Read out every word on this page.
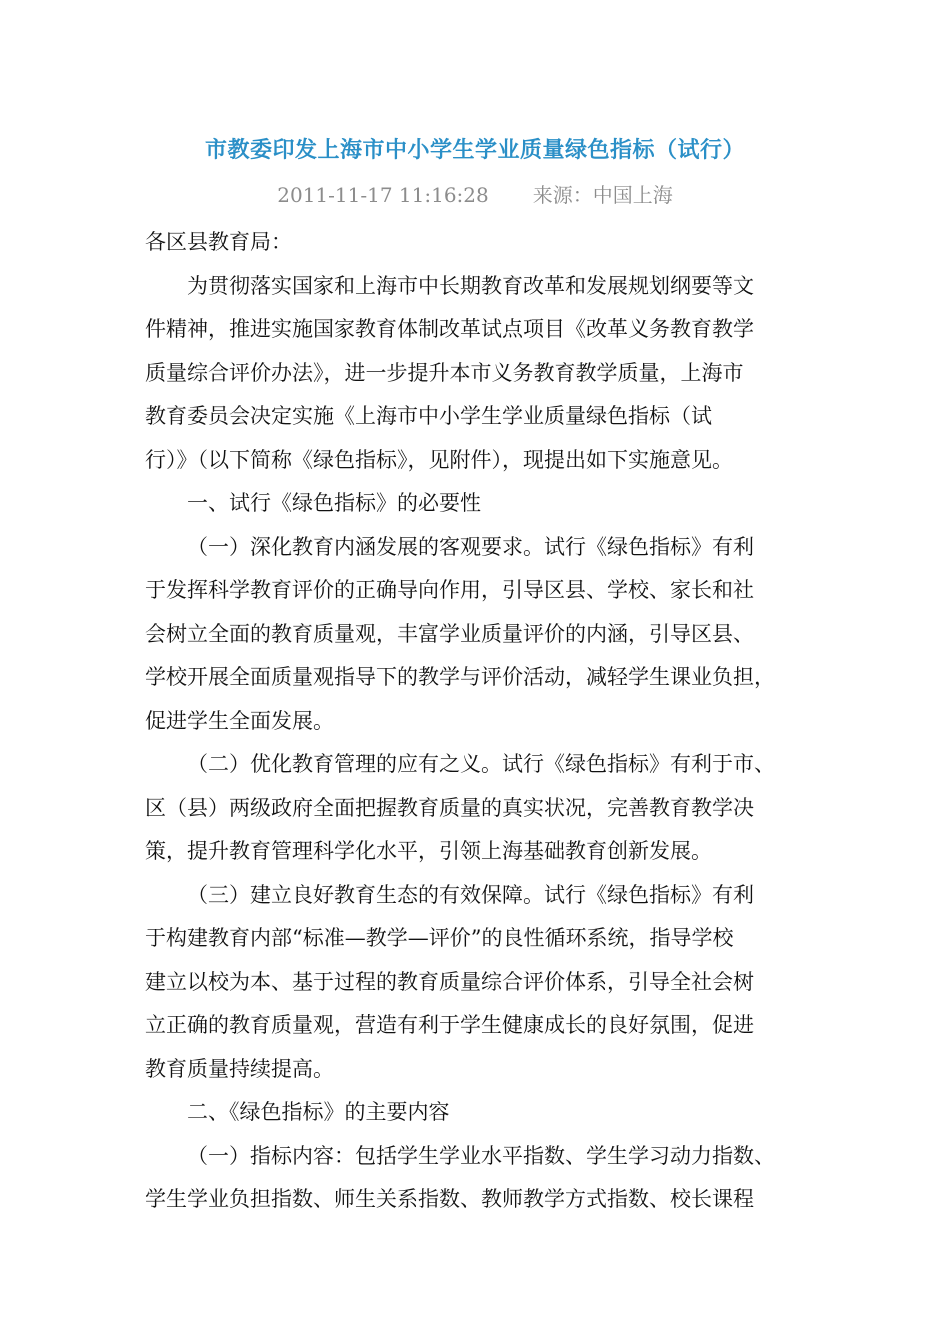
市教委印发上海市中小学生学业质量绿色指标（试行）
2011-11-17 11:16:28 来源：中国上海
各区县教育局：
为贯彻落实国家和上海市中长期教育改革和发展规划纲要等文
件精神，推进实施国家教育体制改革试点项目《改革义务教育教学
质量综合评价办法》，进一步提升本市义务教育教学质量，上海市
教育委员会决定实施《上海市中小学生学业质量绿色指标（试
行）》（以下简称《绿色指标》，见附件），现提出如下实施意见。
一、试行《绿色指标》的必要性
（一）深化教育内涵发展的客观要求。试行《绿色指标》有利
于发挥科学教育评价的正确导向作用，引导区县、学校、家长和社
会树立全面的教育质量观，丰富学业质量评价的内涵，引导区县、
学校开展全面质量观指导下的教学与评价活动，减轻学生课业负担，
促进学生全面发展。
（二）优化教育管理的应有之义。试行《绿色指标》有利于市、
区（县）两级政府全面把握教育质量的真实状况，完善教育教学决
策，提升教育管理科学化水平，引领上海基础教育创新发展。
（三）建立良好教育生态的有效保障。试行《绿色指标》有利
于构建教育内部“标准—教学—评价”的良性循环系统，指导学校
建立以校为本、基于过程的教育质量综合评价体系，引导全社会树
立正确的教育质量观，营造有利于学生健康成长的良好氛围，促进
教育质量持续提高。
二、《绿色指标》的主要内容
（一）指标内容：包括学生学业水平指数、学生学习动力指数、
学生学业负担指数、师生关系指数、教师教学方式指数、校长课程
